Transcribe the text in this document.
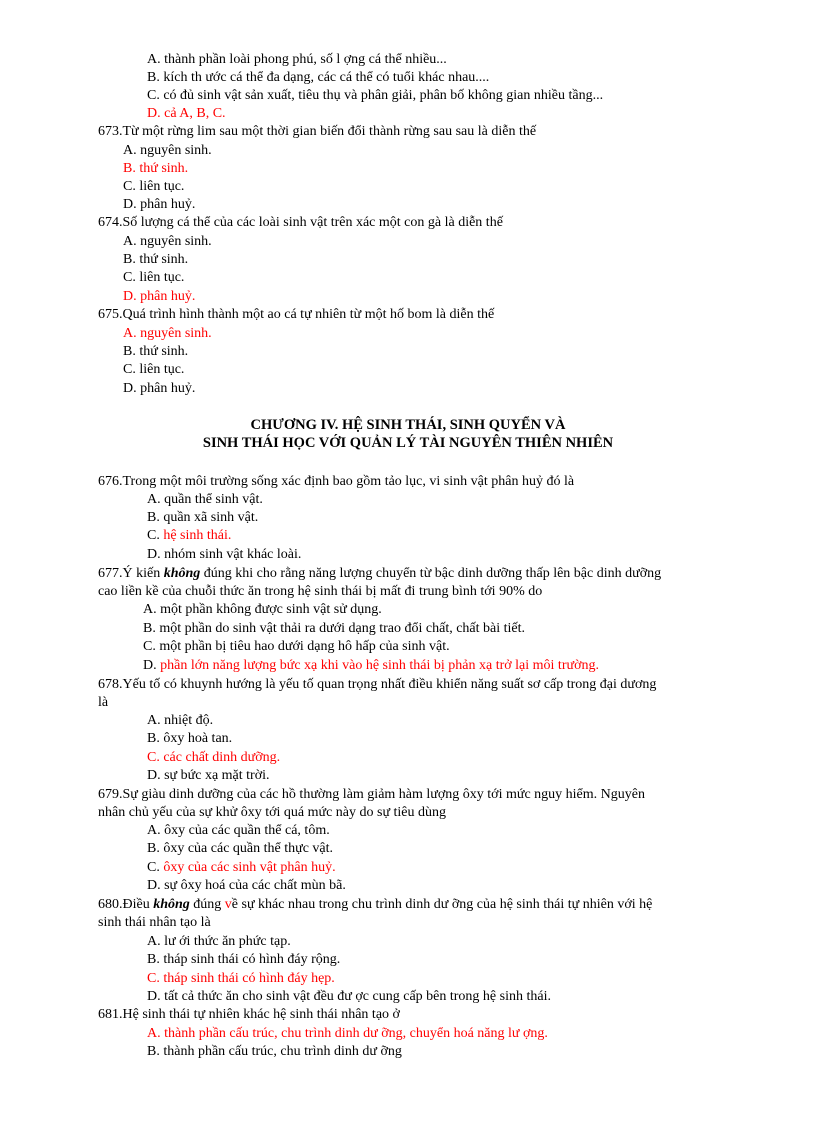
A. thành phần loài phong phú, số l ợng cá thể nhiều...
B. kích th ước cá thể đa dạng, các cá thể có tuổi khác nhau....
C. có đủ sinh vật sản xuất, tiêu thụ và phân giải, phân bố không gian nhiều tầng...
D. cả A, B, C.
673.Từ một rừng lim sau một thời gian biến đổi thành rừng sau sau là diễn thế
A. nguyên sinh.
B. thứ sinh.
C. liên tục.
D. phân huỷ.
674.Số lượng cá thể của các loài sinh vật trên xác một con gà là diễn thế
A. nguyên sinh.
B. thứ sinh.
C. liên tục.
D. phân huỷ.
675.Quá trình hình thành một ao cá tự nhiên từ một hố bom là diễn thế
A. nguyên sinh.
B. thứ sinh.
C. liên tục.
D. phân huỷ.
CHƯƠNG IV. HỆ SINH THÁI, SINH QUYỂN VÀ
SINH THÁI HỌC VỚI QUẢN LÝ TÀI NGUYÊN THIÊN NHIÊN
676.Trong một môi trường sống xác định bao gồm tảo lục, vi sinh vật phân huỷ đó là
A. quần thể sinh vật.
B. quần xã sinh vật.
C. hệ sinh thái.
D. nhóm sinh vật khác loài.
677.Ý kiến không đúng khi cho rằng năng lượng chuyển từ bậc dinh dưỡng thấp lên bậc dinh dưỡng
cao liền kề của chuỗi thức ăn trong hệ sinh thái bị mất đi trung bình tới 90% do
A. một phần không được sinh vật sử dụng.
B. một phần do sinh vật thải ra dưới dạng trao đổi chất, chất bài tiết.
C. một phần bị tiêu hao dưới dạng hô hấp của sinh vật.
D. phần lớn năng lượng bức xạ khi vào hệ sinh thái bị phản xạ trở lại môi trường.
678.Yếu tố có khuynh hướng là yếu tố quan trọng nhất điều khiển năng suất sơ cấp trong đại dương
là
A. nhiệt độ.
B. ôxy hoà tan.
C. các chất dinh dưỡng.
D. sự bức xạ mặt trời.
679.Sự giàu dinh dưỡng của các hồ thường làm giảm hàm lượng ôxy tới mức nguy hiểm. Nguyên
nhân chủ yếu của sự khử ôxy tới quá mức này do sự tiêu dùng
A. ôxy của các quần thể cá, tôm.
B. ôxy của các quần thể thực vật.
C. ôxy của các sinh vật phân huỷ.
D. sự ôxy hoá của các chất mùn bã.
680.Điều không đúng về sự khác nhau trong chu trình dinh dư ỡng của hệ sinh thái tự nhiên với hệ
sinh thái nhân tạo là
A. lư ới thức ăn phức tạp.
B. tháp sinh thái có hình đáy rộng.
C. tháp sinh thái có hình đáy hẹp.
D. tất cả thức ăn cho sinh vật đều đư ợc cung cấp bên trong hệ sinh thái.
681.Hệ sinh thái tự nhiên khác hệ sinh thái nhân tạo ở
A. thành phần cấu trúc, chu trình dinh dư ỡng, chuyển hoá năng lư ợng.
B. thành phần cấu trúc, chu trình dinh dư ỡng
